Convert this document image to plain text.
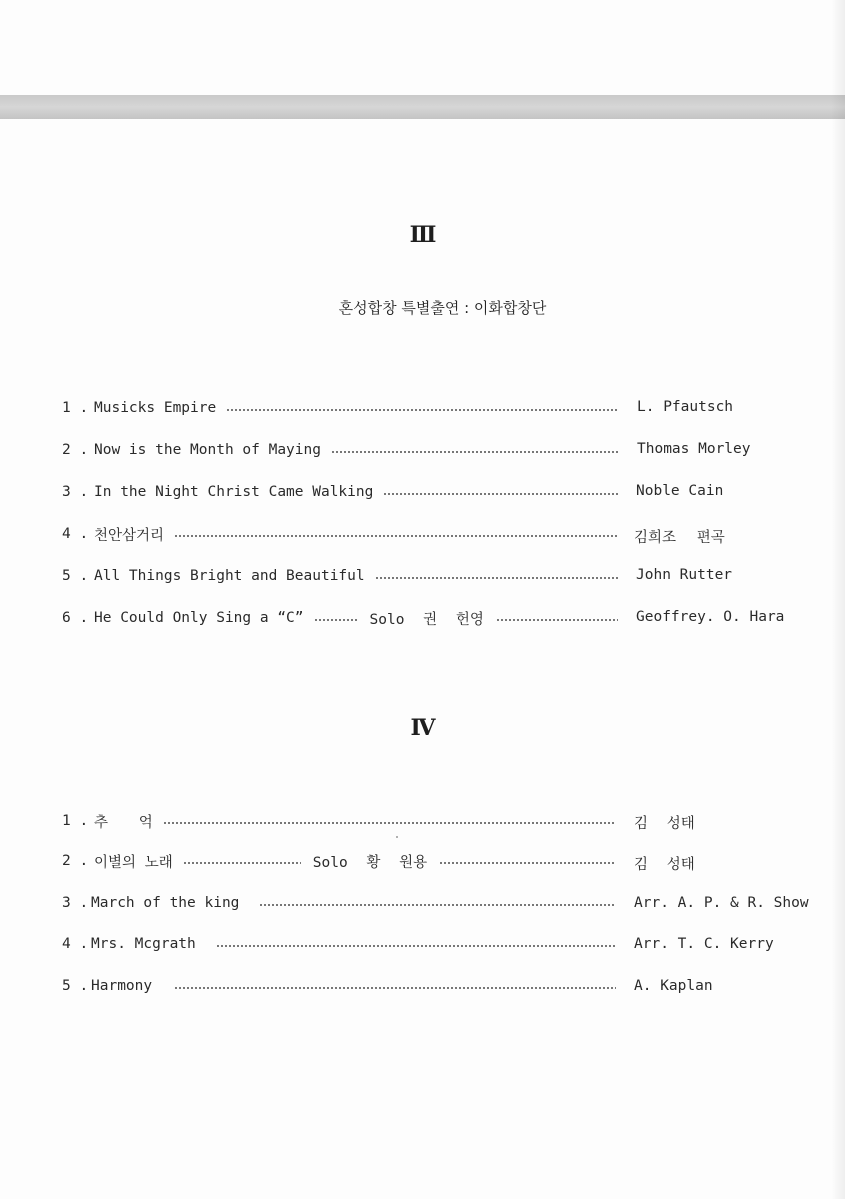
Ⅲ
혼성합창 특별출연 : 이화합창단
1 . Musicks Empire	L. Pfautsch
2 . Now is the Month of Maying	Thomas Morley
3 . In the Night Christ Came Walking	Noble Cain
4 . 천안삼거리	김희조 편곡
5 . All Things Bright and Beautiful	John Rutter
6 . He Could Only Sing a “C”	Solo 권 헌영	Geoffrey. O. Hara
Ⅳ
1 . 추 억	김 성태
2 . 이별의 노래	Solo 황 원용	김 성태
3 . March of the king	Arr. A. P. & R. Show
4 . Mrs. Mcgrath	Arr. T. C. Kerry
5 . Harmony	A. Kaplan
